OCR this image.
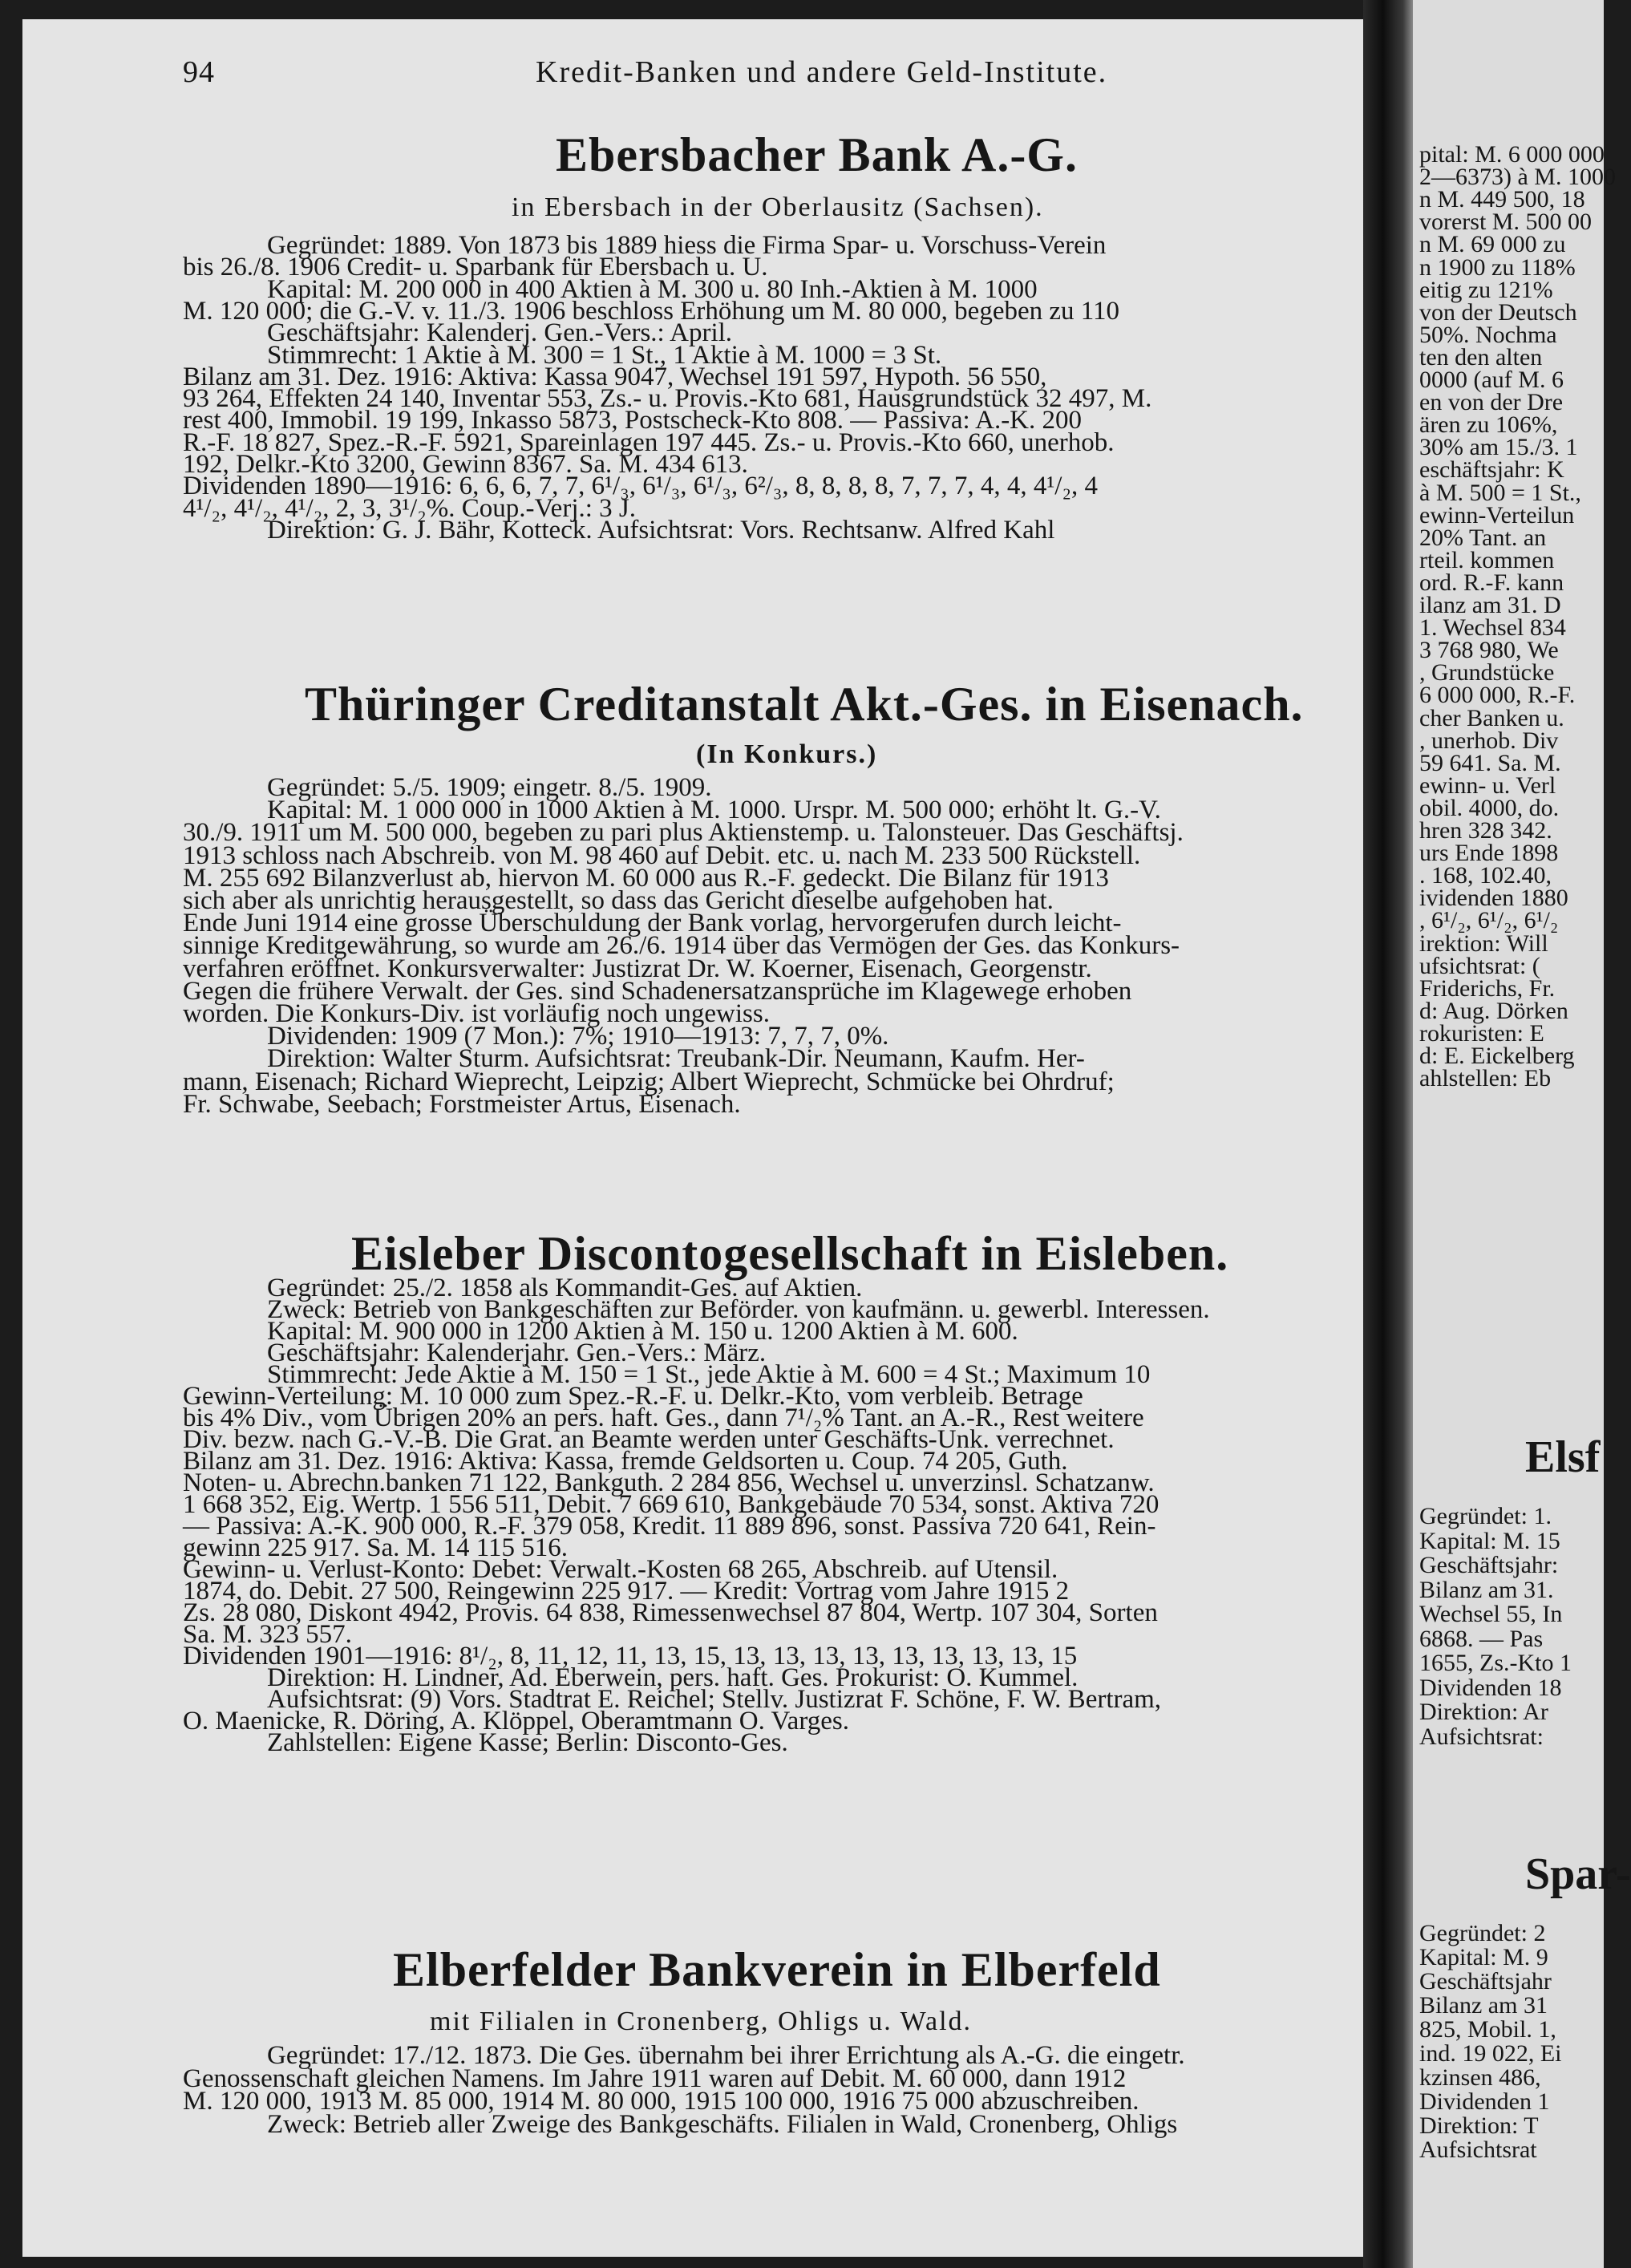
94	Kredit-Banken und andere Geld-Institute.
Ebersbacher Bank A.-G.
in Ebersbach in der Oberlausitz (Sachsen).
Gegründet: 1889. Von 1873 bis 1889 hiess die Firma Spar- u. Vorschuss-Verein
bis 26./8. 1906 Credit- u. Sparbank für Ebersbach u. U.
Kapital: M. 200 000 in 400 Aktien à M. 300 u. 80 Inh.-Aktien à M. 1000
M. 120 000; die G.-V. v. 11./3. 1906 beschloss Erhöhung um M. 80 000, begeben zu 110
Geschäftsjahr: Kalenderj. Gen.-Vers.: April.
Stimmrecht: 1 Aktie à M. 300 = 1 St., 1 Aktie à M. 1000 = 3 St.
Bilanz am 31. Dez. 1916: Aktiva: Kassa 9047, Wechsel 191 597, Hypoth. 56 550,
93 264, Effekten 24 140, Inventar 553, Zs.- u. Provis.-Kto 681, Hausgrundstück 32 497, M.
rest 400, Immobil. 19 199, Inkasso 5873, Postscheck-Kto 808. — Passiva: A.-K. 200
R.-F. 18 827, Spez.-R.-F. 5921, Spareinlagen 197 445. Zs.- u. Provis.-Kto 660, unerhob.
192, Delkr.-Kto 3200, Gewinn 8367. Sa. M. 434 613.
Dividenden 1890—1916: 6, 6, 6, 7, 7, 6¹/₃, 6¹/₃, 6¹/₃, 6²/₃, 8, 8, 8, 8, 7, 7, 7, 4, 4, 4¹/₂, 4
4¹/₂, 4¹/₂, 4¹/₂, 2, 3, 3¹/₂%. Coup.-Verj.: 3 J.
Direktion: G. J. Bähr, Kotteck. Aufsichtsrat: Vors. Rechtsanw. Alfred Kahl
Thüringer Creditanstalt Akt.-Ges. in Eisenach.
(In Konkurs.)
Gegründet: 5./5. 1909; eingetr. 8./5. 1909.
Kapital: M. 1 000 000 in 1000 Aktien à M. 1000. Urspr. M. 500 000; erhöht lt. G.-V.
30./9. 1911 um M. 500 000, begeben zu pari plus Aktienstemp. u. Talonsteuer. Das Geschäftsj.
1913 schloss nach Abschreib. von M. 98 460 auf Debit. etc. u. nach M. 233 500 Rückstell.
M. 255 692 Bilanzverlust ab, hiervon M. 60 000 aus R.-F. gedeckt. Die Bilanz für 1913
sich aber als unrichtig herausgestellt, so dass das Gericht dieselbe aufgehoben hat.
Ende Juni 1914 eine grosse Überschuldung der Bank vorlag, hervorgerufen durch leicht-
sinnige Kreditgewährung, so wurde am 26./6. 1914 über das Vermögen der Ges. das Konkurs-
verfahren eröffnet. Konkursverwalter: Justizrat Dr. W. Koerner, Eisenach, Georgenstr.
Gegen die frühere Verwalt. der Ges. sind Schadenersatzansprüche im Klagewege erhoben
worden. Die Konkurs-Div. ist vorläufig noch ungewiss.
Dividenden: 1909 (7 Mon.): 7%; 1910—1913: 7, 7, 7, 0%.
Direktion: Walter Sturm. Aufsichtsrat: Treubank-Dir. Neumann, Kaufm. Her-
mann, Eisenach; Richard Wieprecht, Leipzig; Albert Wieprecht, Schmücke bei Ohrdruf;
Fr. Schwabe, Seebach; Forstmeister Artus, Eisenach.
Eisleber Discontogesellschaft in Eisleben.
Gegründet: 25./2. 1858 als Kommandit-Ges. auf Aktien.
Zweck: Betrieb von Bankgeschäften zur Beförder. von kaufmänn. u. gewerbl. Interessen.
Kapital: M. 900 000 in 1200 Aktien à M. 150 u. 1200 Aktien à M. 600.
Geschäftsjahr: Kalenderjahr. Gen.-Vers.: März.
Stimmrecht: Jede Aktie à M. 150 = 1 St., jede Aktie à M. 600 = 4 St.; Maximum 10
Gewinn-Verteilung: M. 10 000 zum Spez.-R.-F. u. Delkr.-Kto, vom verbleib. Betrage
bis 4% Div., vom Übrigen 20% an pers. haft. Ges., dann 7¹/₂% Tant. an A.-R., Rest weitere
Div. bezw. nach G.-V.-B. Die Grat. an Beamte werden unter Geschäfts-Unk. verrechnet.
Bilanz am 31. Dez. 1916: Aktiva: Kassa, fremde Geldsorten u. Coup. 74 205, Guth.
Noten- u. Abrechn.banken 71 122, Bankguth. 2 284 856, Wechsel u. unverzinsl. Schatzanw.
1 668 352, Eig. Wertp. 1 556 511, Debit. 7 669 610, Bankgebäude 70 534, sonst. Aktiva 720
— Passiva: A.-K. 900 000, R.-F. 379 058, Kredit. 11 889 896, sonst. Passiva 720 641, Rein-
gewinn 225 917. Sa. M. 14 115 516.
Gewinn- u. Verlust-Konto: Debet: Verwalt.-Kosten 68 265, Abschreib. auf Utensil.
1874, do. Debit. 27 500, Reingewinn 225 917. — Kredit: Vortrag vom Jahre 1915 2
Zs. 28 080, Diskont 4942, Provis. 64 838, Rimessenwechsel 87 804, Wertp. 107 304, Sorten
Sa. M. 323 557.
Dividenden 1901—1916: 8¹/₂, 8, 11, 12, 11, 13, 15, 13, 13, 13, 13, 13, 13, 13, 13, 15
Direktion: H. Lindner, Ad. Eberwein, pers. haft. Ges. Prokurist: O. Kummel.
Aufsichtsrat: (9) Vors. Stadtrat E. Reichel; Stellv. Justizrat F. Schöne, F. W. Bertram,
O. Maenicke, R. Döring, A. Klöppel, Oberamtmann O. Varges.
Zahlstellen: Eigene Kasse; Berlin: Disconto-Ges.
Elberfelder Bankverein in Elberfeld
mit Filialen in Cronenberg, Ohligs u. Wald.
Gegründet: 17./12. 1873. Die Ges. übernahm bei ihrer Errichtung als A.-G. die eingetr.
Genossenschaft gleichen Namens. Im Jahre 1911 waren auf Debit. M. 60 000, dann 1912
M. 120 000, 1913 M. 85 000, 1914 M. 80 000, 1915 100 000, 1916 75 000 abzuschreiben.
Zweck: Betrieb aller Zweige des Bankgeschäfts. Filialen in Wald, Cronenberg, Ohligs
pital: M. 6 000 000
2—6373) à M. 1000
n M. 449 500, 18
vorerst M. 500 00
n M. 69 000 zu
n 1900 zu 118%
eitig zu 121%
von der Deutsch
50%. Nochma
ten den alten
0000 (auf M. 6
en von der Dre
ären zu 106%,
30% am 15./3. 1
eschäftsjahr: K
à M. 500 = 1 St.,
ewinn-Verteilun
20% Tant. an
rteil. kommen
ord. R.-F. kann
ilanz am 31. D
1. Wechsel 834
3 768 980, We
, Grundstücke
6 000 000, R.-F.
cher Banken u.
, unerhob. Div
59 641. Sa. M.
ewinn- u. Verl
obil. 4000, do.
hren 328 342.
urs Ende 1898
. 168, 102.40,
ividenden 1880
, 6¹/₂, 6¹/₂, 6¹/₂
irektion: Will
ufsichtsrat: (
Friderichs, Fr.
d: Aug. Dörken
rokuristen: E
d: E. Eickelberg
ahlstellen: Eb
Elsf
Gegründet: 1.
Kapital: M. 15
Geschäftsjahr:
Bilanz am 31.
Wechsel 55, In
6868. — Pas
1655, Zs.-Kto 1
Dividenden 18
Direktion: Ar
Aufsichtsrat:
Spar-
Gegründet: 2
Kapital: M. 9
Geschäftsjahr
Bilanz am 31
825, Mobil. 1,
ind. 19 022, Ei
kzinsen 486,
Dividenden 1
Direktion: T
Aufsichtsrat
